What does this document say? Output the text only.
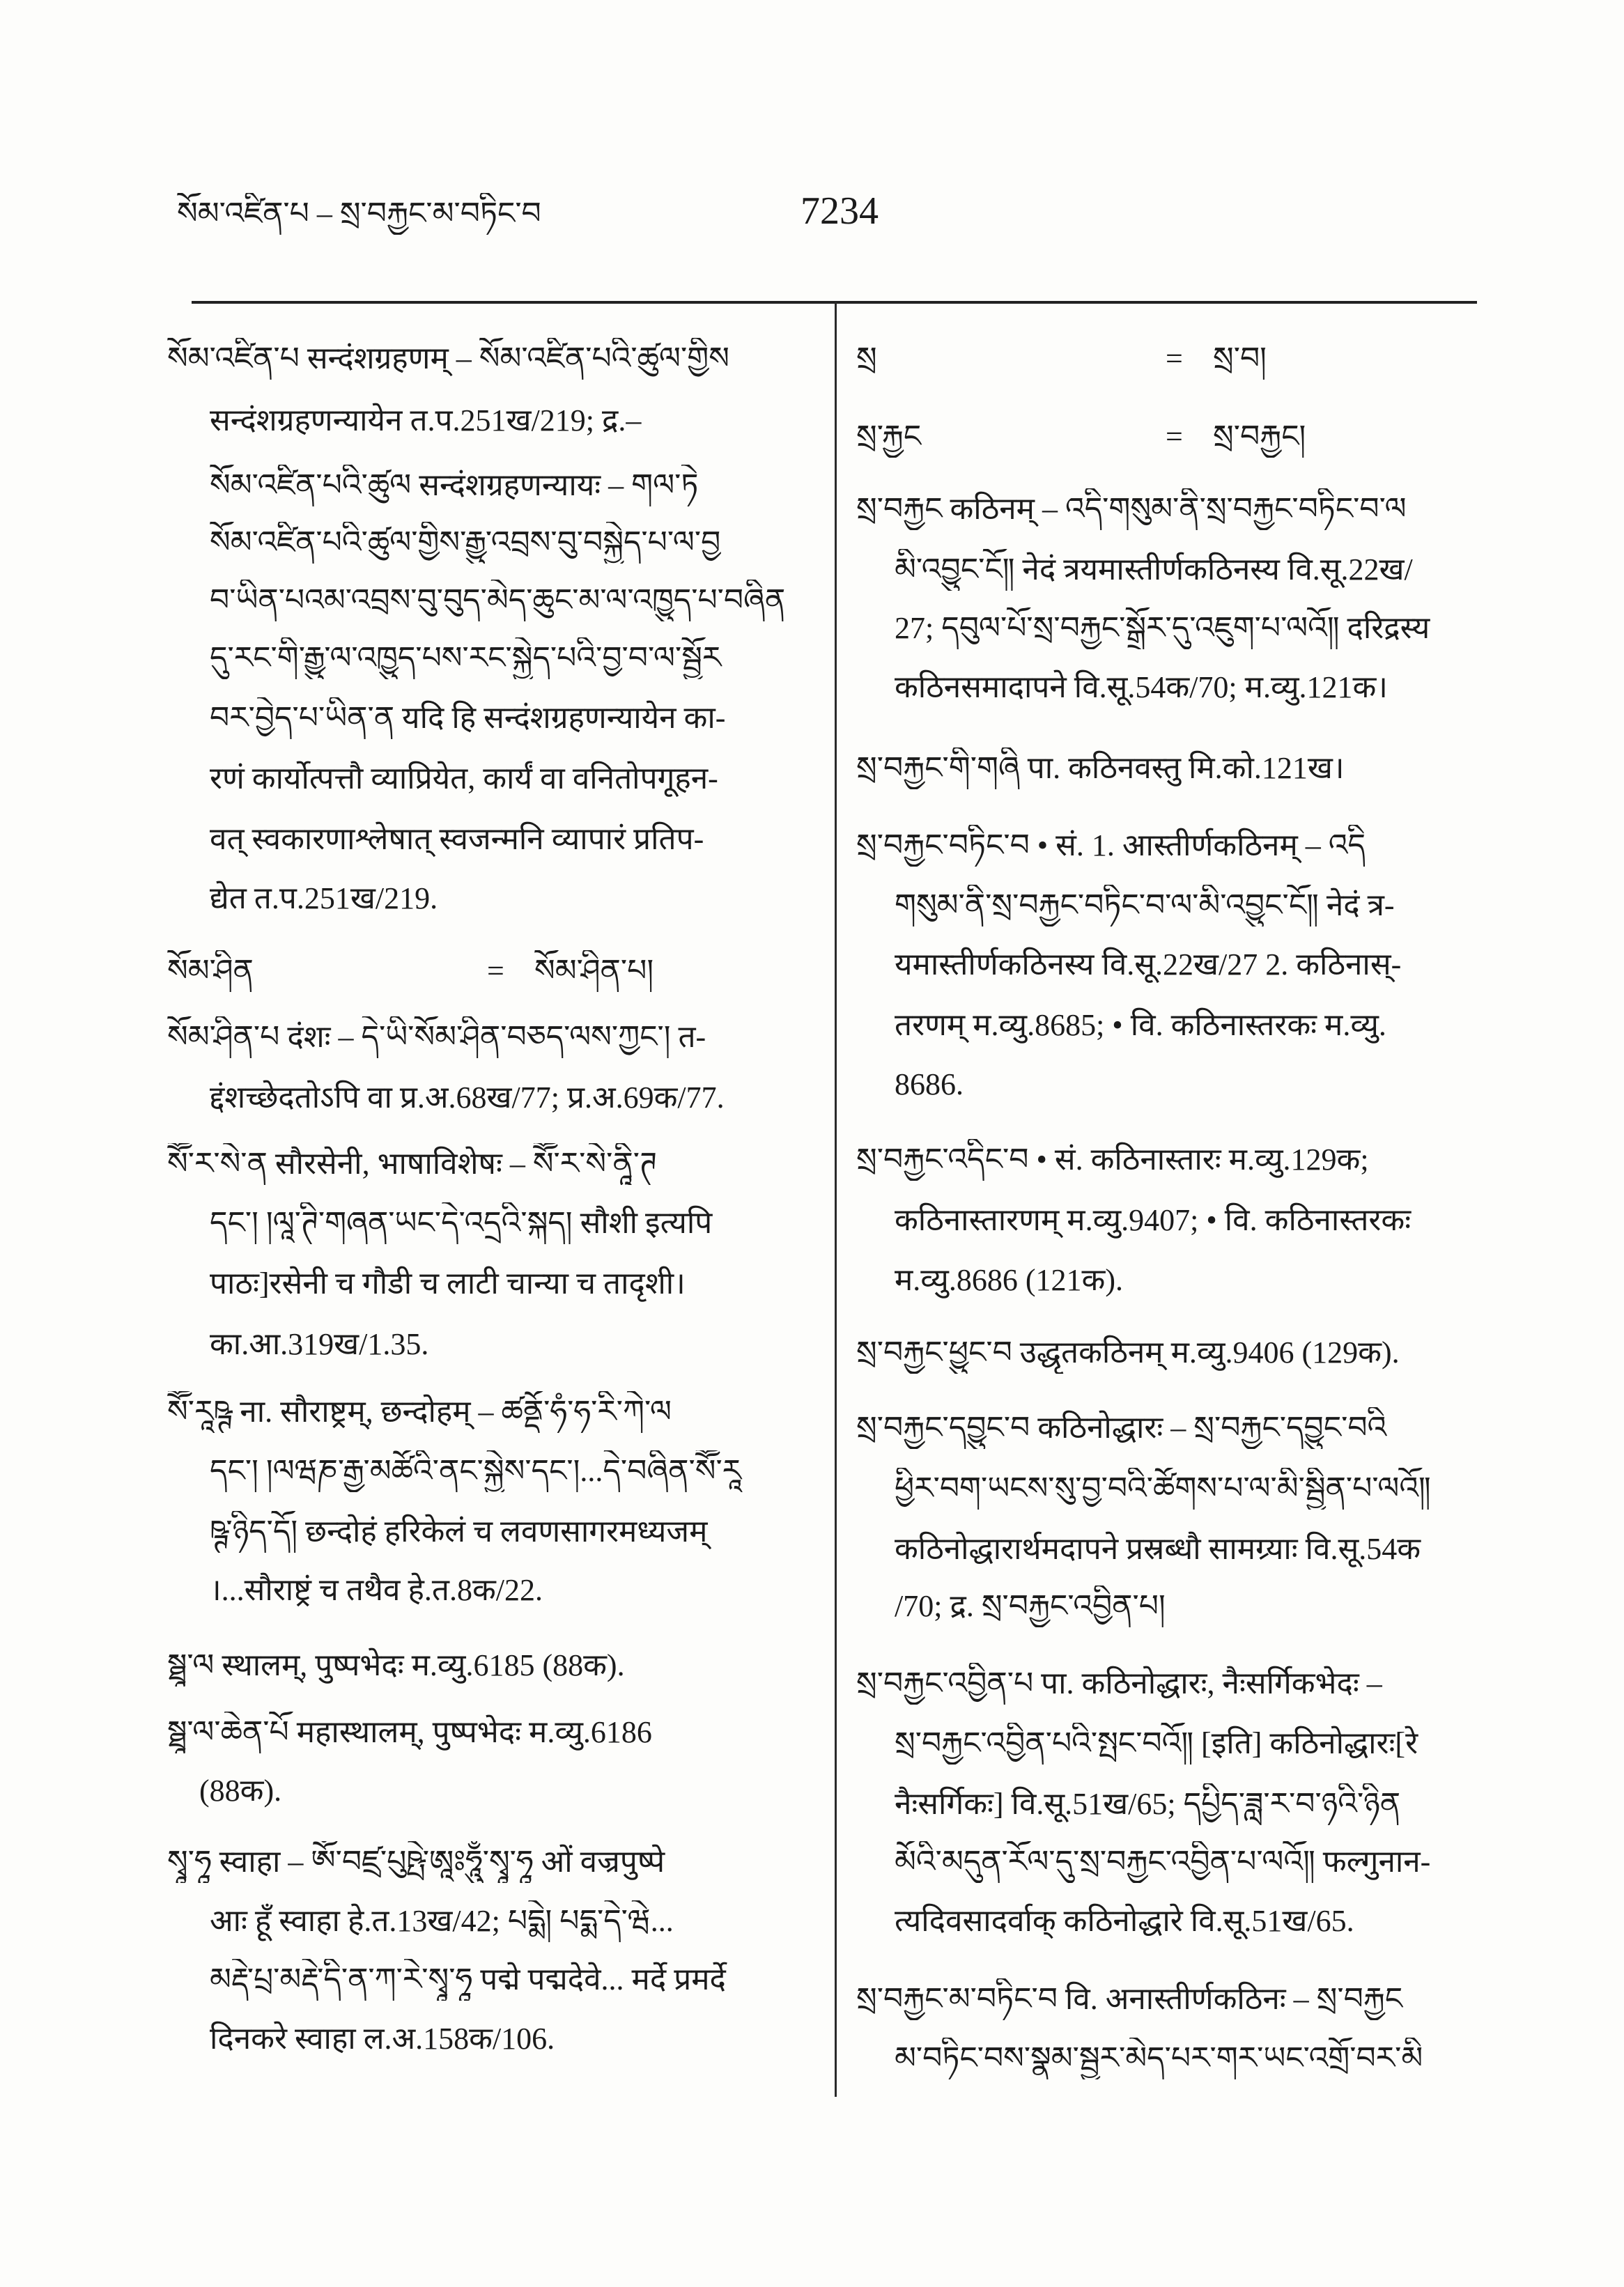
སོམ་འཛིན་པ – སྲ་བརྐྱང་མ་བཏིང་བ	7234
སོམ་འཛིན་པ सन्दंशग्रहणम् – སོམ་འཛིན་པའི་ཚུལ་གྱིས
सन्दंशग्रहणन्यायेन त.प.251ख/219; द्र.–
སོམ་འཛིན་པའི་ཚུལ सन्दंशग्रहणन्यायः – གལ་ཏེ
སོམ་འཛིན་པའི་ཚུལ་གྱིས་རྒྱུ་འབྲས་བུ་བསྐྱེད་པ་ལ་བྱ
བ་ཡིན་པའམ་འབྲས་བུ་བུད་མེད་ཆུང་མ་ལ་འཁྱུད་པ་བཞིན
དུ་རང་གི་རྒྱུ་ལ་འཁྱུད་པས་རང་སྐྱེད་པའི་བྱ་བ་ལ་སྦྱོར
བར་བྱེད་པ་ཡིན་ན यदि हि सन्दंशग्रहणन्यायेन का-
रणं कार्योत्पत्तौ व्याप्रियेत, कार्यं वा वनितोपगूहन-
वत् स्वकारणाश्लेषात् स्वजन्मनि व्यापारं प्रतिप-
द्येत त.प.251ख/219.
སོམ་ཤིན	= སོམ་ཤིན་པ།
སོམ་ཤིན་པ दंशः – དེ་ཡི་སོམ་ཤིན་བཅད་ལས་ཀྱང་། त-
द्दंशच्छेदतोऽपि वा प्र.अ.68ख/77; प्र.अ.69क/77.
སཽ་ར་སེ་ན सौरसेनी, भाषाविशेषः – སཽ་ར་སེ་ནཱི་ཊ
དང་། །ལཱ་ཊི་གཞན་ཡང་དེ་འདྲའི་སྐད། सौशी इत्यपि
पाठः]रसेनी च गौडी च लाटी चान्या च तादृशी।
का.आ.319ख/1.35.
སཽ་རཱཥྚ ना. सौराष्ट्रम्, छन्दोहम् – ཚནྡོ་ཧཾ་ཧ་རི་ཀེ་ལ
དང་། །ལཝཎ་རྒྱ་མཚོའི་ནང་སྐྱེས་དང་།...དེ་བཞིན་སཽ་རཱ
ཥྚ་ཉིད་དོ། छन्दोहं हरिकेलं च लवणसागरमध्यजम्
।...सौराष्ट्रं च तथैव हे.त.8क/22.
སྠཱ་ལ स्थालम्, पुष्पभेदः म.व्यु.6185 (88क).
སྠཱ་ལ་ཆེན་པོ महास्थालम्, पुष्पभेदः म.व्यु.6186
(88क).
སྭཱ་ཧཱ स्वाहा – ཨོཾ་བཛྲ་པུཥྤེ་ཨཱཿཧཱུྃ་སྭཱ་ཧཱ ओं वज्रपुष्पे
आः हूँ स्वाहा हे.त.13ख/42; པདྨེ། པདྨ་དེ་ཝེ...
མརྡེ་པྲ་མརྡེ་དི་ན་ཀ་རེ་སྭཱ་ཧཱ पद्मे पद्मदेवे... मर्दे प्रमर्दे
दिनकरे स्वाहा ल.अ.158क/106.
སྲ	= སྲ་བ།
སྲ་རྐྱང	= སྲ་བརྐྱང།
སྲ་བརྐྱང कठिनम् – འདི་གསུམ་ནི་སྲ་བརྐྱང་བཏིང་བ་ལ
མི་འབྱུང་ངོ༎ नेदं त्रयमास्तीर्णकठिनस्य वि.सू.22ख/
27; དབུལ་པོ་སྲ་བརྐྱང་སྒྲོར་དུ་འཇུག་པ་ལའོ༎ दरिद्रस्य
कठिनसमादापने वि.सू.54क/70; म.व्यु.121क।
སྲ་བརྐྱང་གི་གཞི पा. कठिनवस्तु मि.को.121ख।
སྲ་བརྐྱང་བཏིང་བ • सं. 1. आस्तीर्णकठिनम् – འདི
གསུམ་ནི་སྲ་བརྐྱང་བཏིང་བ་ལ་མི་འབྱུང་ངོ༎ नेदं त्र-
यमास्तीर्णकठिनस्य वि.सू.22ख/27 2. कठिनास्-
तरणम् म.व्यु.8685; • वि. कठिनास्तरकः म.व्यु.
8686.
སྲ་བརྐྱང་འདིང་བ • सं. कठिनास्तारः म.व्यु.129क;
कठिनास्तारणम् म.व्यु.9407; • वि. कठिनास्तरकः
म.व्यु.8686 (121क).
སྲ་བརྐྱང་ཕྱུང་བ उद्धृतकठिनम् म.व्यु.9406 (129क).
སྲ་བརྐྱང་དབྱུང་བ कठिनोद्धारः – སྲ་བརྐྱང་དབྱུང་བའི
ཕྱིར་བག་ཡངས་སུ་བྱ་བའི་ཚོགས་པ་ལ་མི་སྦྱིན་པ་ལའོ༎
कठिनोद्धारार्थमदापने प्रस्रब्धौ सामग्र्याः वि.सू.54क
/70; द्र. སྲ་བརྐྱང་འབྱིན་པ།
སྲ་བརྐྱང་འབྱིན་པ पा. कठिनोद्धारः, नैःसर्गिकभेदः –
སྲ་བརྐྱང་འབྱིན་པའི་སྤང་བའོ༎ [इति] कठिनोद्धारः[रे
नैःसर्गिकः] वि.सू.51ख/65; དཔྱིད་ཟླ་ར་བ་ཉའི་ཉིན
མོའི་མདུན་རོལ་དུ་སྲ་བརྐྱང་འབྱིན་པ་ལའོ༎ फल्गुनान-
त्यदिवसादर्वाक् कठिनोद्धारे वि.सू.51ख/65.
སྲ་བརྐྱང་མ་བཏིང་བ वि. अनास्तीर्णकठिनः – སྲ་བརྐྱང
མ་བཏིང་བས་སྣམ་སྦྱར་མེད་པར་གར་ཡང་འགྲོ་བར་མི
